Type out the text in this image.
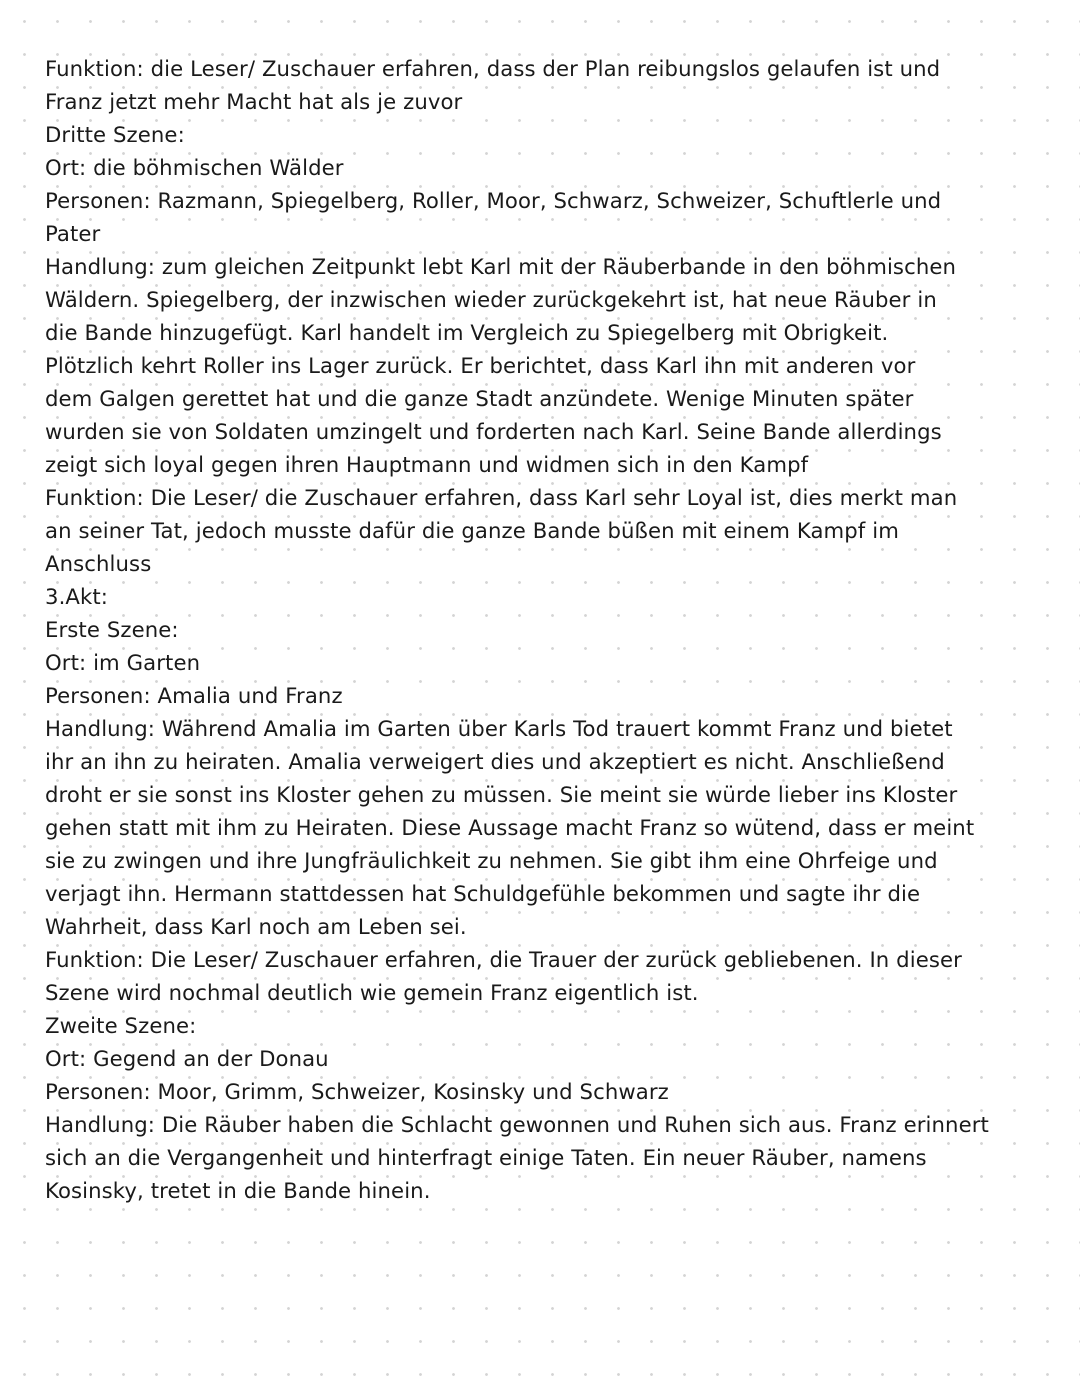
Funktion: die Leser/ Zuschauer erfahren, dass der Plan reibungslos gelaufen ist und
Franz jetzt mehr Macht hat als je zuvor
Dritte Szene:
Ort: die böhmischen Wälder
Personen: Razmann, Spiegelberg, Roller, Moor, Schwarz, Schweizer, Schuftlerle und
Pater
Handlung: zum gleichen Zeitpunkt lebt Karl mit der Räuberbande in den böhmischen
Wäldern. Spiegelberg, der inzwischen wieder zurückgekehrt ist, hat neue Räuber in
die Bande hinzugefügt. Karl handelt im Vergleich zu Spiegelberg mit Obrigkeit.
Plötzlich kehrt Roller ins Lager zurück. Er berichtet, dass Karl ihn mit anderen vor
dem Galgen gerettet hat und die ganze Stadt anzündete. Wenige Minuten später
wurden sie von Soldaten umzingelt und forderten nach Karl. Seine Bande allerdings
zeigt sich loyal gegen ihren Hauptmann und widmen sich in den Kampf
Funktion: Die Leser/ die Zuschauer erfahren, dass Karl sehr Loyal ist, dies merkt man
an seiner Tat, jedoch musste dafür die ganze Bande büßen mit einem Kampf im
Anschluss
3.Akt:
Erste Szene:
Ort: im Garten
Personen: Amalia und Franz
Handlung: Während Amalia im Garten über Karls Tod trauert kommt Franz und bietet
ihr an ihn zu heiraten. Amalia verweigert dies und akzeptiert es nicht. Anschließend
droht er sie sonst ins Kloster gehen zu müssen. Sie meint sie würde lieber ins Kloster
gehen statt mit ihm zu Heiraten. Diese Aussage macht Franz so wütend, dass er meint
sie zu zwingen und ihre Jungfräulichkeit zu nehmen. Sie gibt ihm eine Ohrfeige und
verjagt ihn. Hermann stattdessen hat Schuldgefühle bekommen und sagte ihr die
Wahrheit, dass Karl noch am Leben sei.
Funktion: Die Leser/ Zuschauer erfahren, die Trauer der zurück gebliebenen. In dieser
Szene wird nochmal deutlich wie gemein Franz eigentlich ist.
Zweite Szene:
Ort: Gegend an der Donau
Personen: Moor, Grimm, Schweizer, Kosinsky und Schwarz
Handlung: Die Räuber haben die Schlacht gewonnen und Ruhen sich aus. Franz erinnert
sich an die Vergangenheit und hinterfragt einige Taten. Ein neuer Räuber, namens
Kosinsky, tretet in die Bande hinein.
